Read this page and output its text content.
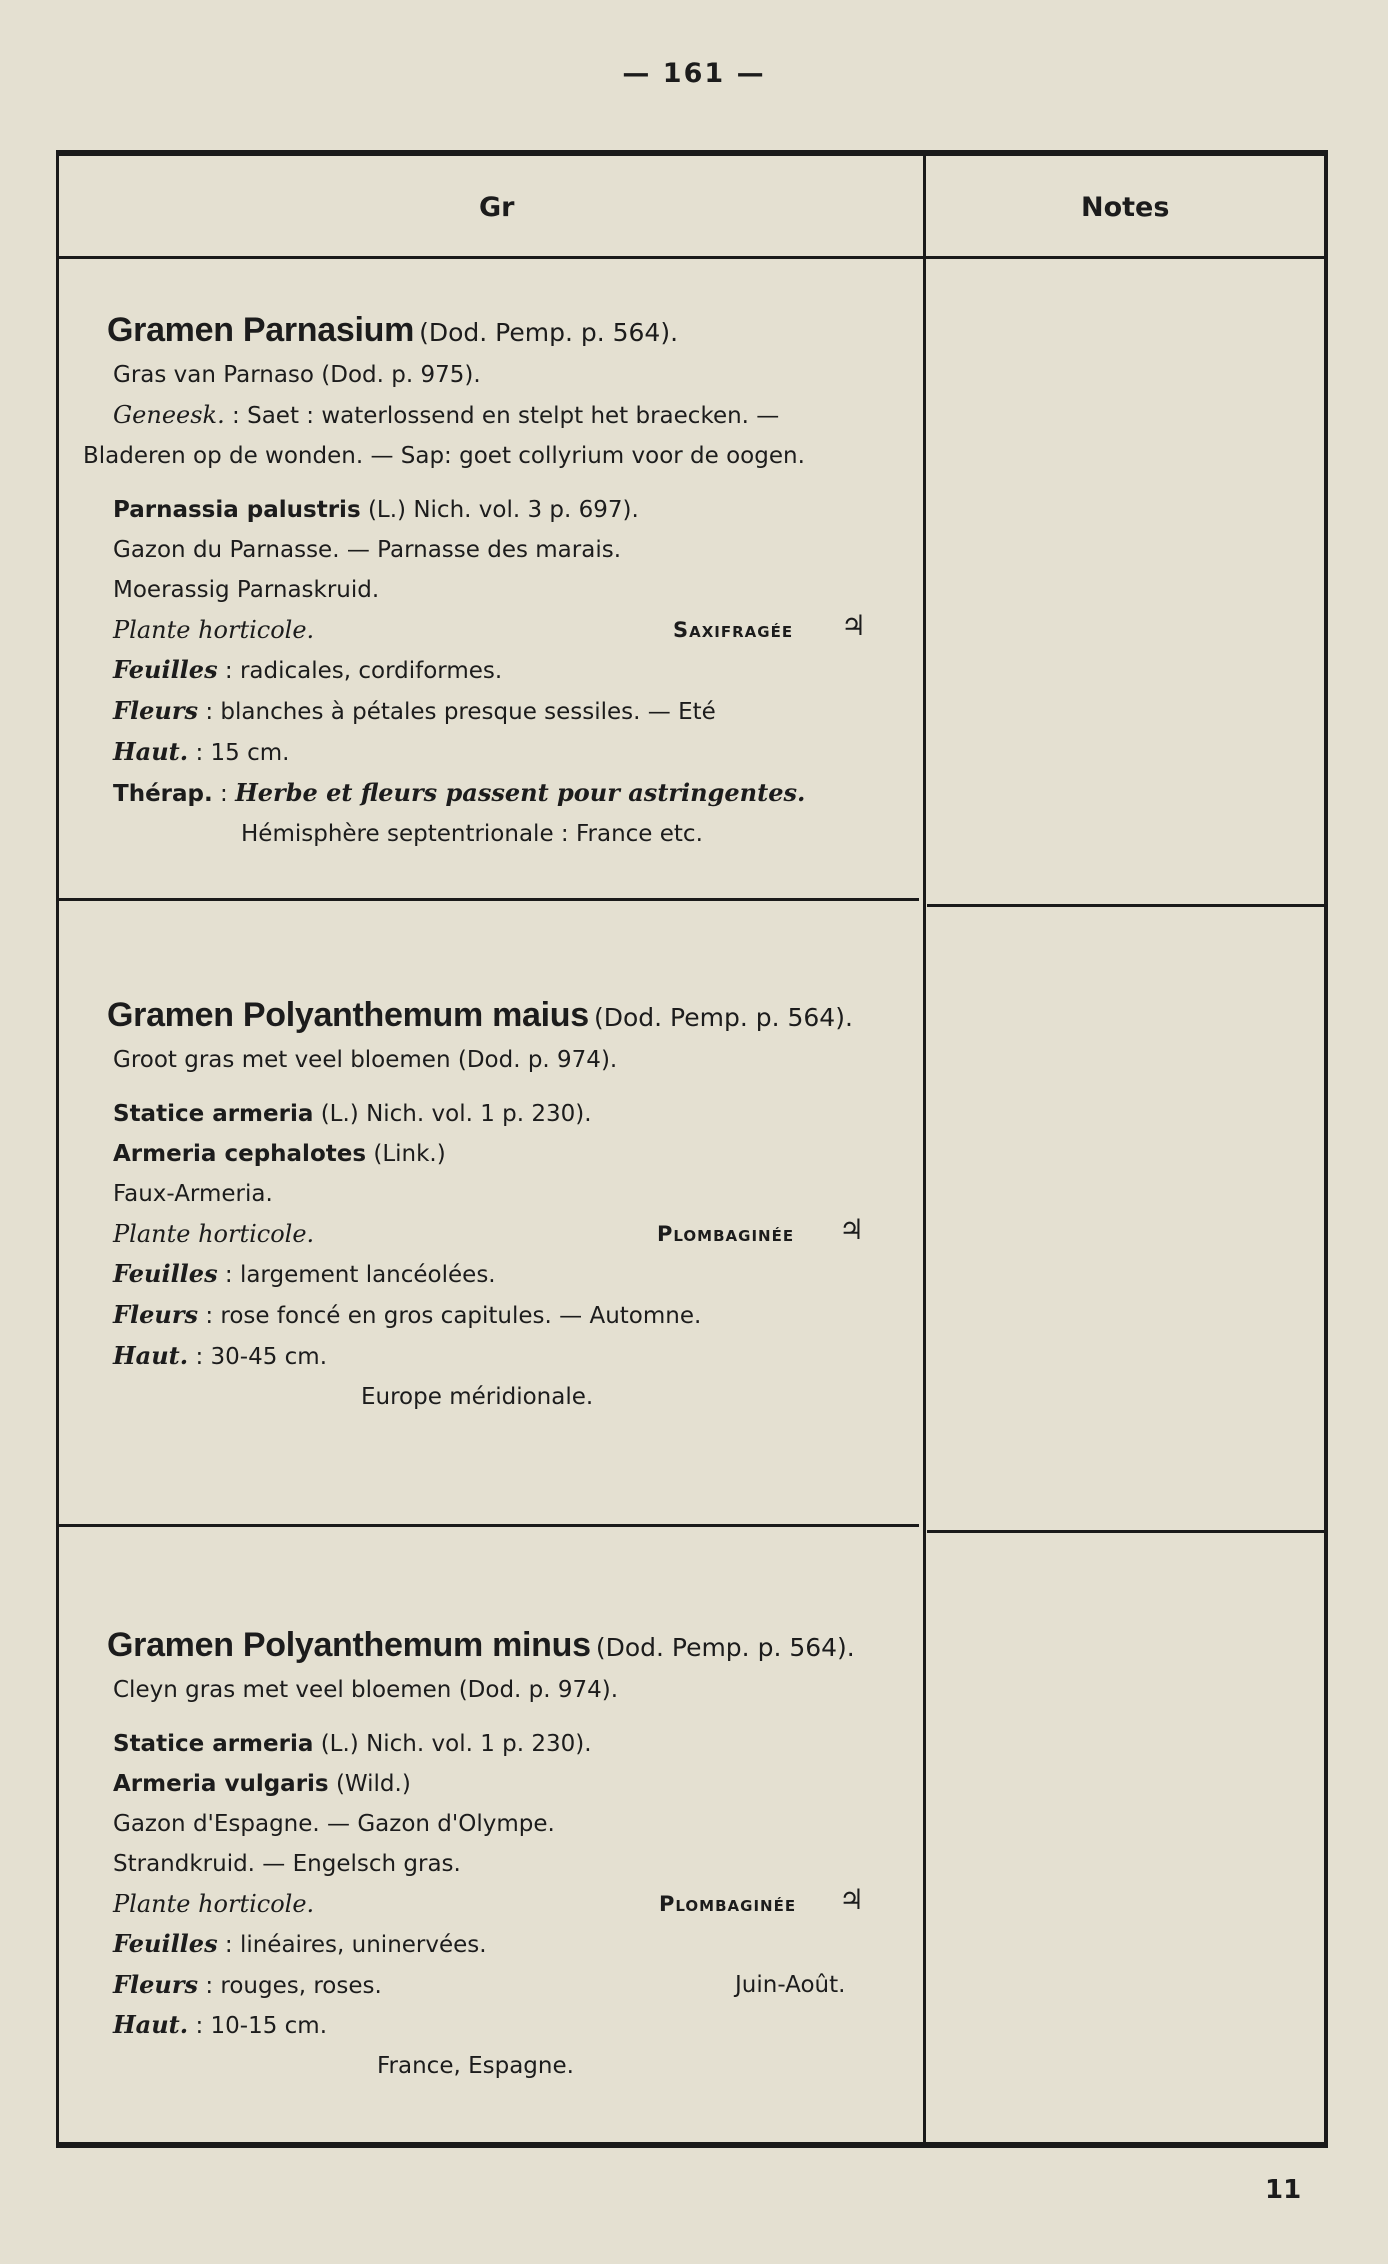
— 161 —
Gr	Notes
Gramen Parnasium (Dod. Pemp. p. 564).
Gras van Parnaso (Dod. p. 975).
Geneesk. : Saet : waterlossend en stelpt het braecken. —
Bladeren op de wonden. — Sap: goet collyrium voor de oogen.
Parnassia palustris (L.) Nich. vol. 3 p. 697).
Gazon du Parnasse. — Parnasse des marais.
Moerassig Parnaskruid.
Plante horticole.	Saxifragée ♃
Feuilles : radicales, cordiformes.
Fleurs : blanches à pétales presque sessiles. — Eté
Haut. : 15 cm.
Thérap. : Herbe et fleurs passent pour astringentes.
Hémisphère septentrionale : France etc.
Gramen Polyanthemum maius (Dod. Pemp. p. 564).
Groot gras met veel bloemen (Dod. p. 974).
Statice armeria (L.) Nich. vol. 1 p. 230).
Armeria cephalotes (Link.)
Faux-Armeria.
Plante horticole.	Plombaginée ♃
Feuilles : largement lancéolées.
Fleurs : rose foncé en gros capitules. — Automne.
Haut. : 30-45 cm.
Europe méridionale.
Gramen Polyanthemum minus (Dod. Pemp. p. 564).
Cleyn gras met veel bloemen (Dod. p. 974).
Statice armeria (L.) Nich. vol. 1 p. 230).
Armeria vulgaris (Wild.)
Gazon d'Espagne. — Gazon d'Olympe.
Strandkruid. — Engelsch gras.
Plante horticole.	Plombaginée ♃
Feuilles : linéaires, uninervées.
Fleurs : rouges, roses.	Juin-Août.
Haut. : 10-15 cm.
France, Espagne.
11
